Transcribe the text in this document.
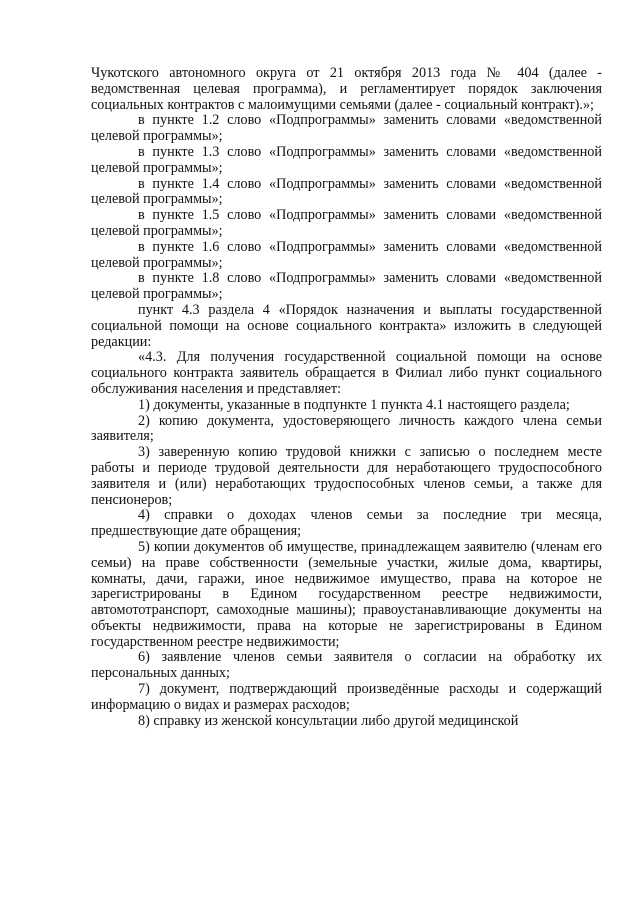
Чукотского автономного округа от 21 октября 2013 года № 404 (далее - ведомственная целевая программа), и регламентирует порядок заключения социальных контрактов с малоимущими семьями (далее - социальный контракт).»;

в пункте 1.2 слово «Подпрограммы» заменить словами «ведомственной целевой программы»;

в пункте 1.3 слово «Подпрограммы» заменить словами «ведомственной целевой программы»;

в пункте 1.4 слово «Подпрограммы» заменить словами «ведомственной целевой программы»;

в пункте 1.5 слово «Подпрограммы» заменить словами «ведомственной целевой программы»;

в пункте 1.6 слово «Подпрограммы» заменить словами «ведомственной целевой программы»;

в пункте 1.8 слово «Подпрограммы» заменить словами «ведомственной целевой программы»;

пункт 4.3 раздела 4 «Порядок назначения и выплаты государственной социальной помощи на основе социального контракта» изложить в следующей редакции:

«4.3. Для получения государственной социальной помощи на основе социального контракта заявитель обращается в Филиал либо пункт социального обслуживания населения и представляет:

1) документы, указанные в подпункте 1 пункта 4.1 настоящего раздела;

2) копию документа, удостоверяющего личность каждого члена семьи заявителя;

3) заверенную копию трудовой книжки с записью о последнем месте работы и периоде трудовой деятельности для неработающего трудоспособного заявителя и (или) неработающих трудоспособных членов семьи, а также для пенсионеров;

4) справки о доходах членов семьи за последние три месяца, предшествующие дате обращения;

5) копии документов об имуществе, принадлежащем заявителю (членам его семьи) на праве собственности (земельные участки, жилые дома, квартиры, комнаты, дачи, гаражи, иное недвижимое имущество, права на которое не зарегистрированы в Едином государственном реестре недвижимости, автомототранспорт, самоходные машины); правоустанавливающие документы на объекты недвижимости, права на которые не зарегистрированы в Едином государственном реестре недвижимости;

6) заявление членов семьи заявителя о согласии на обработку их персональных данных;

7) документ, подтверждающий произведённые расходы и содержащий информацию о видах и размерах расходов;

8) справку из женской консультации либо другой медицинской
